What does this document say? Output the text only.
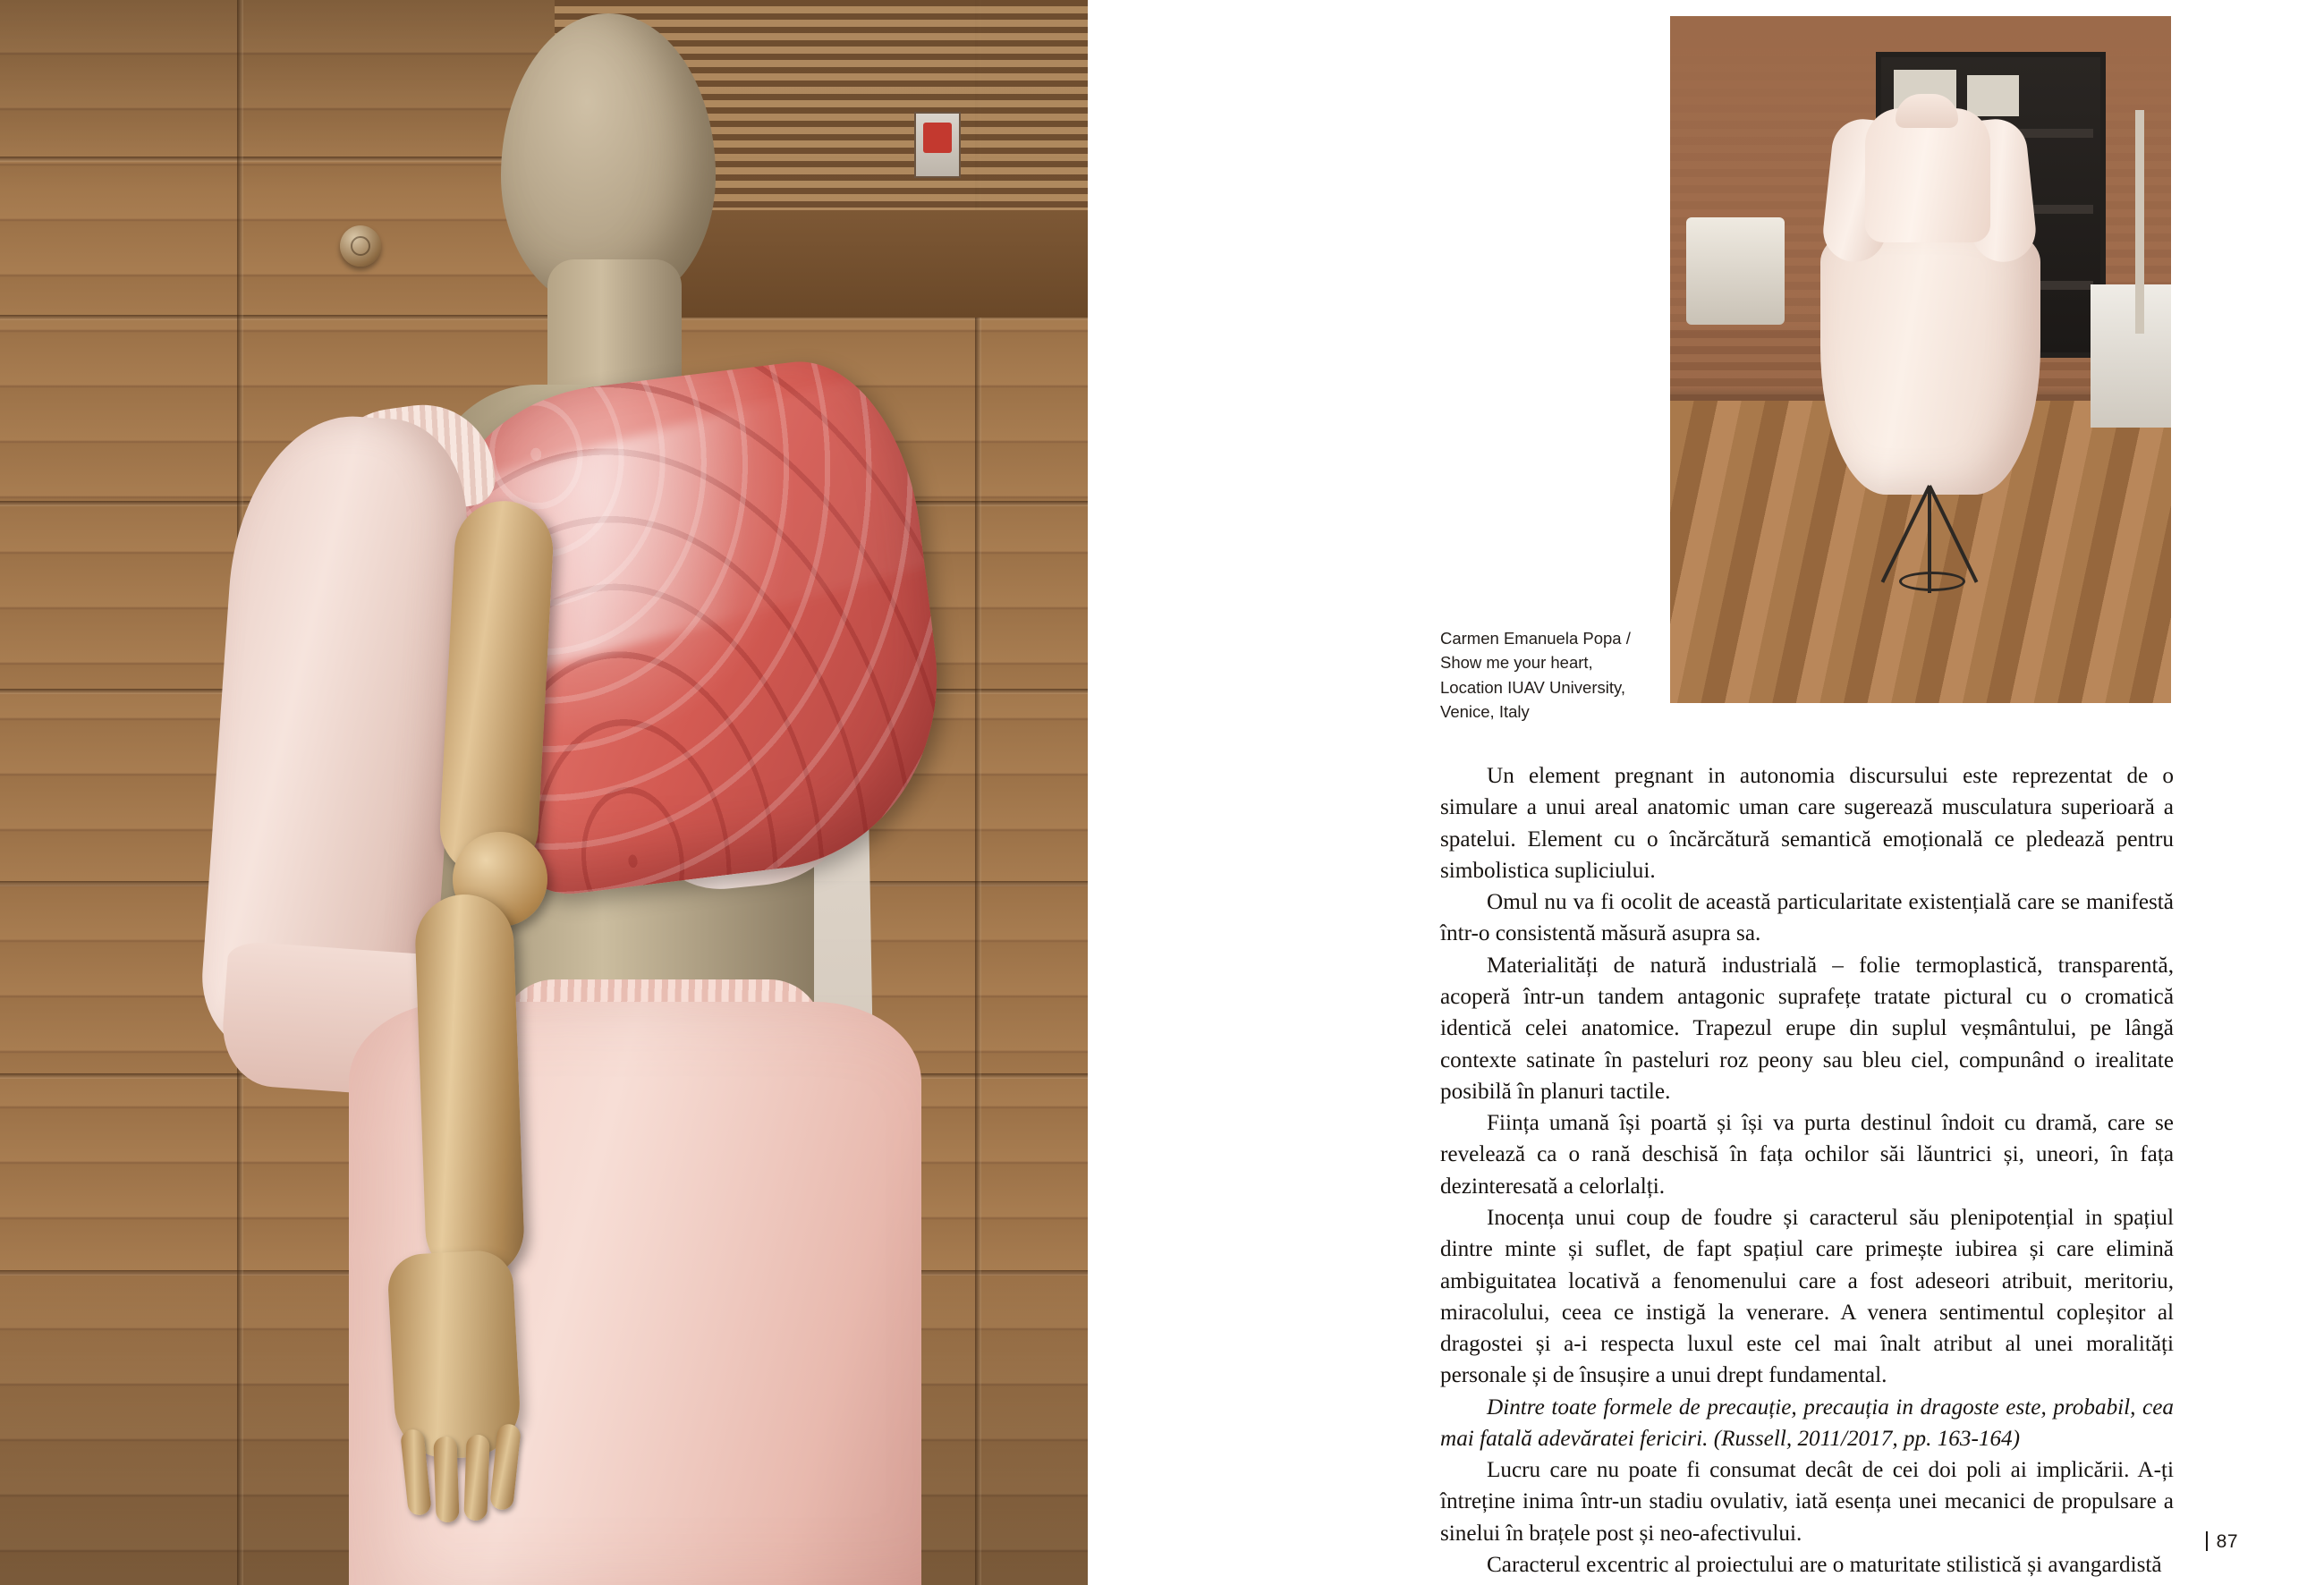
Carmen Emanuela Popa / Show me your heart, Location IUAV University, Venice, Italy

Un element pregnant in autonomia discursului este reprezentat de o simulare a unui areal anatomic uman care sugerează musculatura superioară a spatelui. Element cu o încărcătură semantică emoțională ce pledează pentru simbolistica supliciului.

Omul nu va fi ocolit de această particularitate existențială care se manifestă într-o consistentă măsură asupra sa.

Materialități de natură industrială – folie termoplastică, transparentă, acoperă într-un tandem antagonic suprafețe tratate pictural cu o cromatică identică celei anatomice. Trapezul erupe din suplul veșmântului, pe lângă contexte satinate în pasteluri roz peony sau bleu ciel, compunând o irealitate posibilă în planuri tactile.

Ființa umană își poartă și își va purta destinul îndoit cu dramă, care se revelează ca o rană deschisă în fața ochilor săi lăuntrici și, uneori, în fața dezinteresată a celorlalți.

Inocența unui coup de foudre și caracterul său plenipotențial in spațiul dintre minte și suflet, de fapt spațiul care primește iubirea și care elimină ambiguitatea locativă a fenomenului care a fost adeseori atribuit, meritoriu, miracolului, ceea ce instigă la venerare. A venera sentimentul copleșitor al dragostei și a-i respecta luxul este cel mai înalt atribut al unei moralități personale și de însușire a unui drept fundamental.

Dintre toate formele de precauție, precauția in dragoste este, probabil, cea mai fatală adevăratei fericiri. (Russell, 2011/2017, pp. 163-164)

Lucru care nu poate fi consumat decât de cei doi poli ai implicării. A-ți întreține inima într-un stadiu ovulativ, iată esența unei mecanici de propulsare a sinelui în brațele post și neo-afectivului.

Caracterul excentric al proiectului are o maturitate stilistică și avangardistă

87
